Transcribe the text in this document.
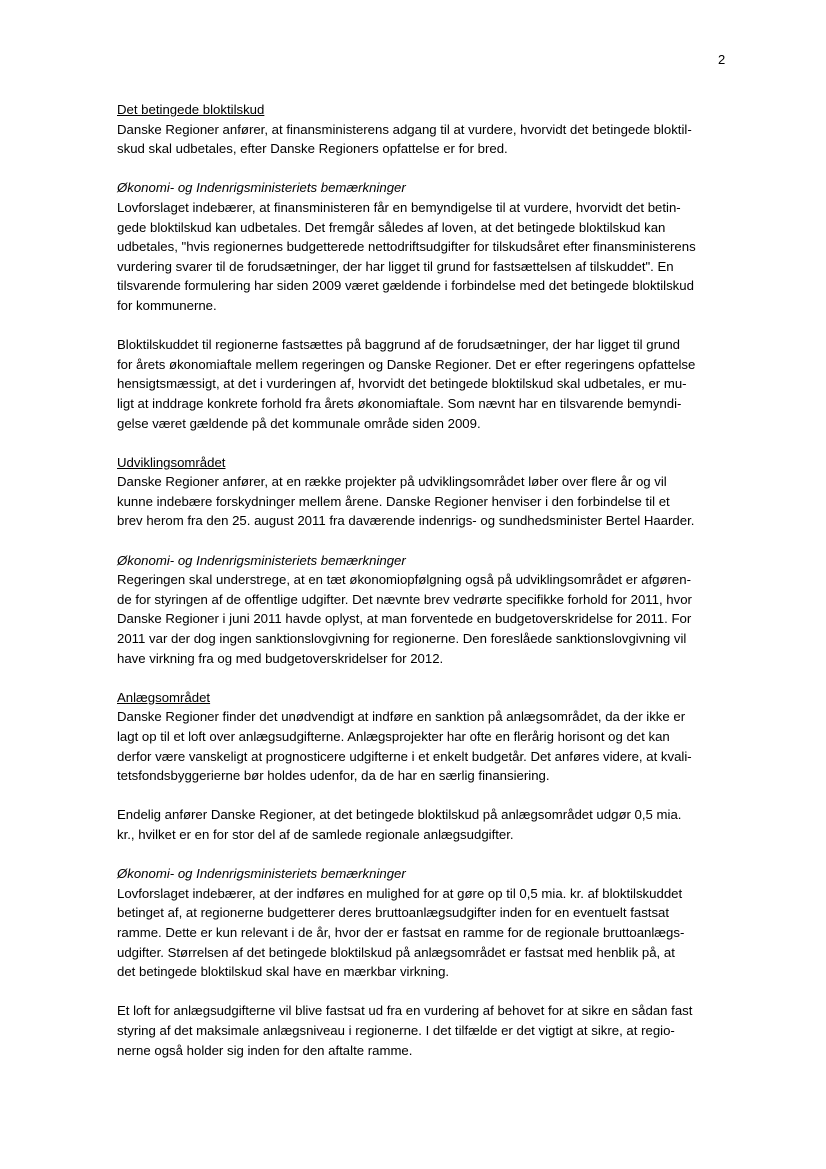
2
Det betingede bloktilskud
Danske Regioner anfører, at finansministerens adgang til at vurdere, hvorvidt det betingede bloktil-
skud skal udbetales, efter Danske Regioners opfattelse er for bred.
Økonomi- og Indenrigsministeriets bemærkninger
Lovforslaget indebærer, at finansministeren får en bemyndigelse til at vurdere, hvorvidt det betin-
gede bloktilskud kan udbetales. Det fremgår således af loven, at det betingede bloktilskud kan
udbetales, "hvis regionernes budgetterede nettodriftsudgifter for tilskudsåret efter finansministerens
vurdering svarer til de forudsætninger, der har ligget til grund for fastsættelsen af tilskuddet". En
tilsvarende formulering har siden 2009 været gældende i forbindelse med det betingede bloktilskud
for kommunerne.
Bloktilskuddet til regionerne fastsættes på baggrund af de forudsætninger, der har ligget til grund
for årets økonomiaftale mellem regeringen og Danske Regioner. Det er efter regeringens opfattelse
hensigtsmæssigt, at det i vurderingen af, hvorvidt det betingede bloktilskud skal udbetales, er mu-
ligt at inddrage konkrete forhold fra årets økonomiaftale. Som nævnt har en tilsvarende bemyndi-
gelse været gældende på det kommunale område siden 2009.
Udviklingsområdet
Danske Regioner anfører, at en række projekter på udviklingsområdet løber over flere år og vil
kunne indebære forskydninger mellem årene. Danske Regioner henviser i den forbindelse til et
brev herom fra den 25. august 2011 fra daværende indenrigs- og sundhedsminister Bertel Haarder.
Økonomi- og Indenrigsministeriets bemærkninger
Regeringen skal understrege, at en tæt økonomiopfølgning også på udviklingsområdet er afgøren-
de for styringen af de offentlige udgifter. Det nævnte brev vedrørte specifikke forhold for 2011, hvor
Danske Regioner i juni 2011 havde oplyst, at man forventede en budgetoverskridelse for 2011. For
2011 var der dog ingen sanktionslovgivning for regionerne. Den foreslåede sanktionslovgivning vil
have virkning fra og med budgetoverskridelser for 2012.
Anlægsområdet
Danske Regioner finder det unødvendigt at indføre en sanktion på anlægsområdet, da der ikke er
lagt op til et loft over anlægsudgifterne. Anlægsprojekter har ofte en flerårig horisont og det kan
derfor være vanskeligt at prognosticere udgifterne i et enkelt budgetår. Det anføres videre, at kvali-
tetsfondsbyggerierne bør holdes udenfor, da de har en særlig finansiering.
Endelig anfører Danske Regioner, at det betingede bloktilskud på anlægsområdet udgør 0,5 mia.
kr., hvilket er en for stor del af de samlede regionale anlægsudgifter.
Økonomi- og Indenrigsministeriets bemærkninger
Lovforslaget indebærer, at der indføres en mulighed for at gøre op til 0,5 mia. kr. af bloktilskuddet
betinget af, at regionerne budgetterer deres bruttoanlægsudgifter inden for en eventuelt fastsat
ramme. Dette er kun relevant i de år, hvor der er fastsat en ramme for de regionale bruttoanlægs-
udgifter. Størrelsen af det betingede bloktilskud på anlægsområdet er fastsat med henblik på, at
det betingede bloktilskud skal have en mærkbar virkning.
Et loft for anlægsudgifterne vil blive fastsat ud fra en vurdering af behovet for at sikre en sådan fast
styring af det maksimale anlægsniveau i regionerne. I det tilfælde er det vigtigt at sikre, at regio-
nerne også holder sig inden for den aftalte ramme.
